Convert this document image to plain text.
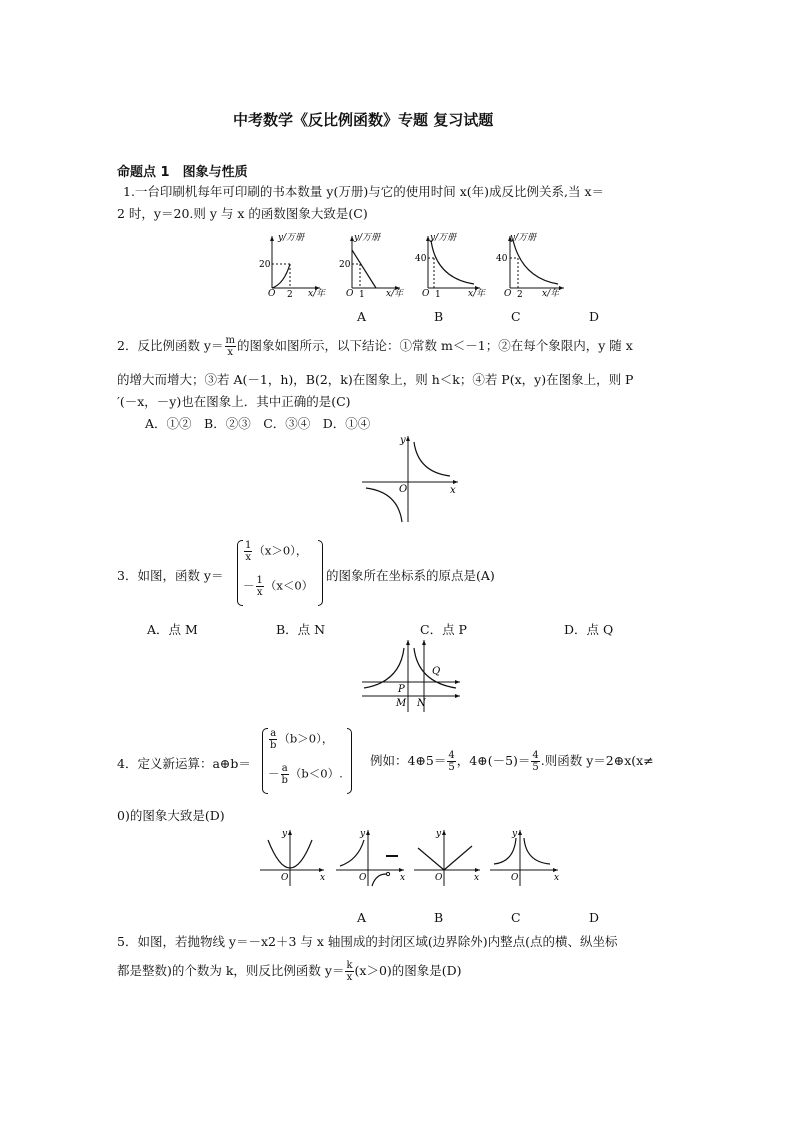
中考数学《反比例函数》专题 复习试题
命题点 1　图象与性质
1.一台印刷机每年可印刷的书本数量 y(万册)与它的使用时间 x(年)成反比例关系,当 x＝
2 时，y＝20.则 y 与 x 的函数图象大致是(C)
y/万册
x/年
O
20
2
y/万册
x/年
O
20
1
y/万册
x/年
O
40
1
y/万册
x/年
O
40
2
A	B	C	D
2．反比例函数 $y= \frac{m}{x}$ 的图象如图所示，以下结论：①常数 m＜－1；②在每个象限内，y 随 x
的增大而增大；③若 A(－1，h)，B(2，k)在图象上，则 h＜k；④若 P(x，y)在图象上，则 P
′(－x，－y)也在图象上．其中正确的是(C)
A．①②　B．②③　C．③④　D．①④
y
x
O
3．如图，函数 y＝
$\frac{1}{x} (x>0)$，
－ $\frac{1}{x} (x<0)$
的图象所在坐标系的原点是(A)
A．点 M	B．点 N	C．点 P	D．点 Q
P
Q
M N
4．定义新运算：a⊕b＝
$\frac{a}{b} (b>0)$，
－ $\frac{a}{b} (b<0)$.
例如：4⊕5＝ $\frac{4}{5}$ ，4⊕(－5)＝ $\frac{4}{5}$ .则函数 y＝2⊕x(x≠
0)的图象大致是(D)
y
x
O
y
x
O
y
x
O
y
x
O
A	B	C	D
5．如图，若抛物线 y＝－x2＋3 与 x 轴围成的封闭区域(边界除外)内整点(点的横、纵坐标
都是整数)的个数为 k，则反比例函数 $y= \frac{k}{x} (x>0)$的图象是(D)
